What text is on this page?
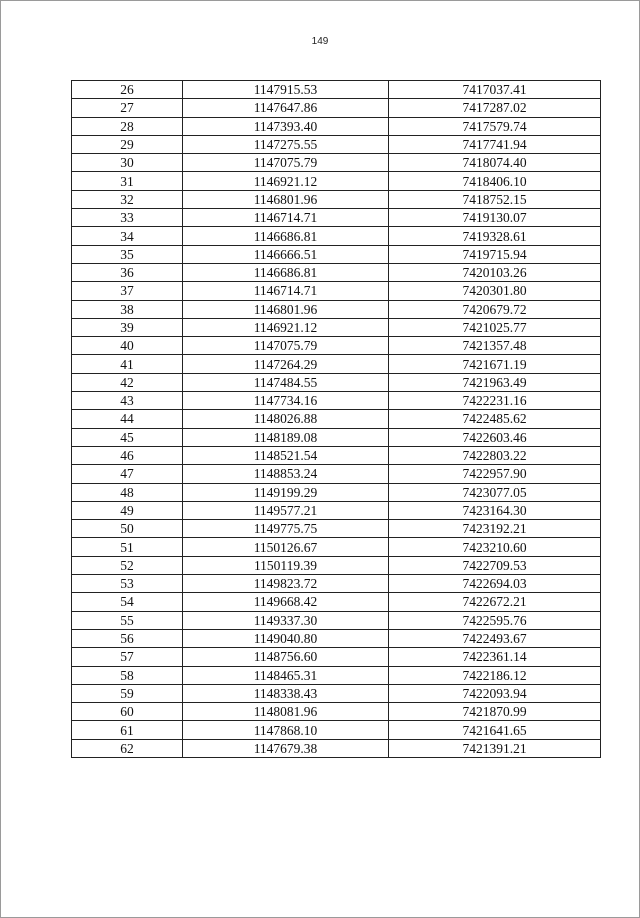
149
26	1147915.53	7417037.41
27	1147647.86	7417287.02
28	1147393.40	7417579.74
29	1147275.55	7417741.94
30	1147075.79	7418074.40
31	1146921.12	7418406.10
32	1146801.96	7418752.15
33	1146714.71	7419130.07
34	1146686.81	7419328.61
35	1146666.51	7419715.94
36	1146686.81	7420103.26
37	1146714.71	7420301.80
38	1146801.96	7420679.72
39	1146921.12	7421025.77
40	1147075.79	7421357.48
41	1147264.29	7421671.19
42	1147484.55	7421963.49
43	1147734.16	7422231.16
44	1148026.88	7422485.62
45	1148189.08	7422603.46
46	1148521.54	7422803.22
47	1148853.24	7422957.90
48	1149199.29	7423077.05
49	1149577.21	7423164.30
50	1149775.75	7423192.21
51	1150126.67	7423210.60
52	1150119.39	7422709.53
53	1149823.72	7422694.03
54	1149668.42	7422672.21
55	1149337.30	7422595.76
56	1149040.80	7422493.67
57	1148756.60	7422361.14
58	1148465.31	7422186.12
59	1148338.43	7422093.94
60	1148081.96	7421870.99
61	1147868.10	7421641.65
62	1147679.38	7421391.21
